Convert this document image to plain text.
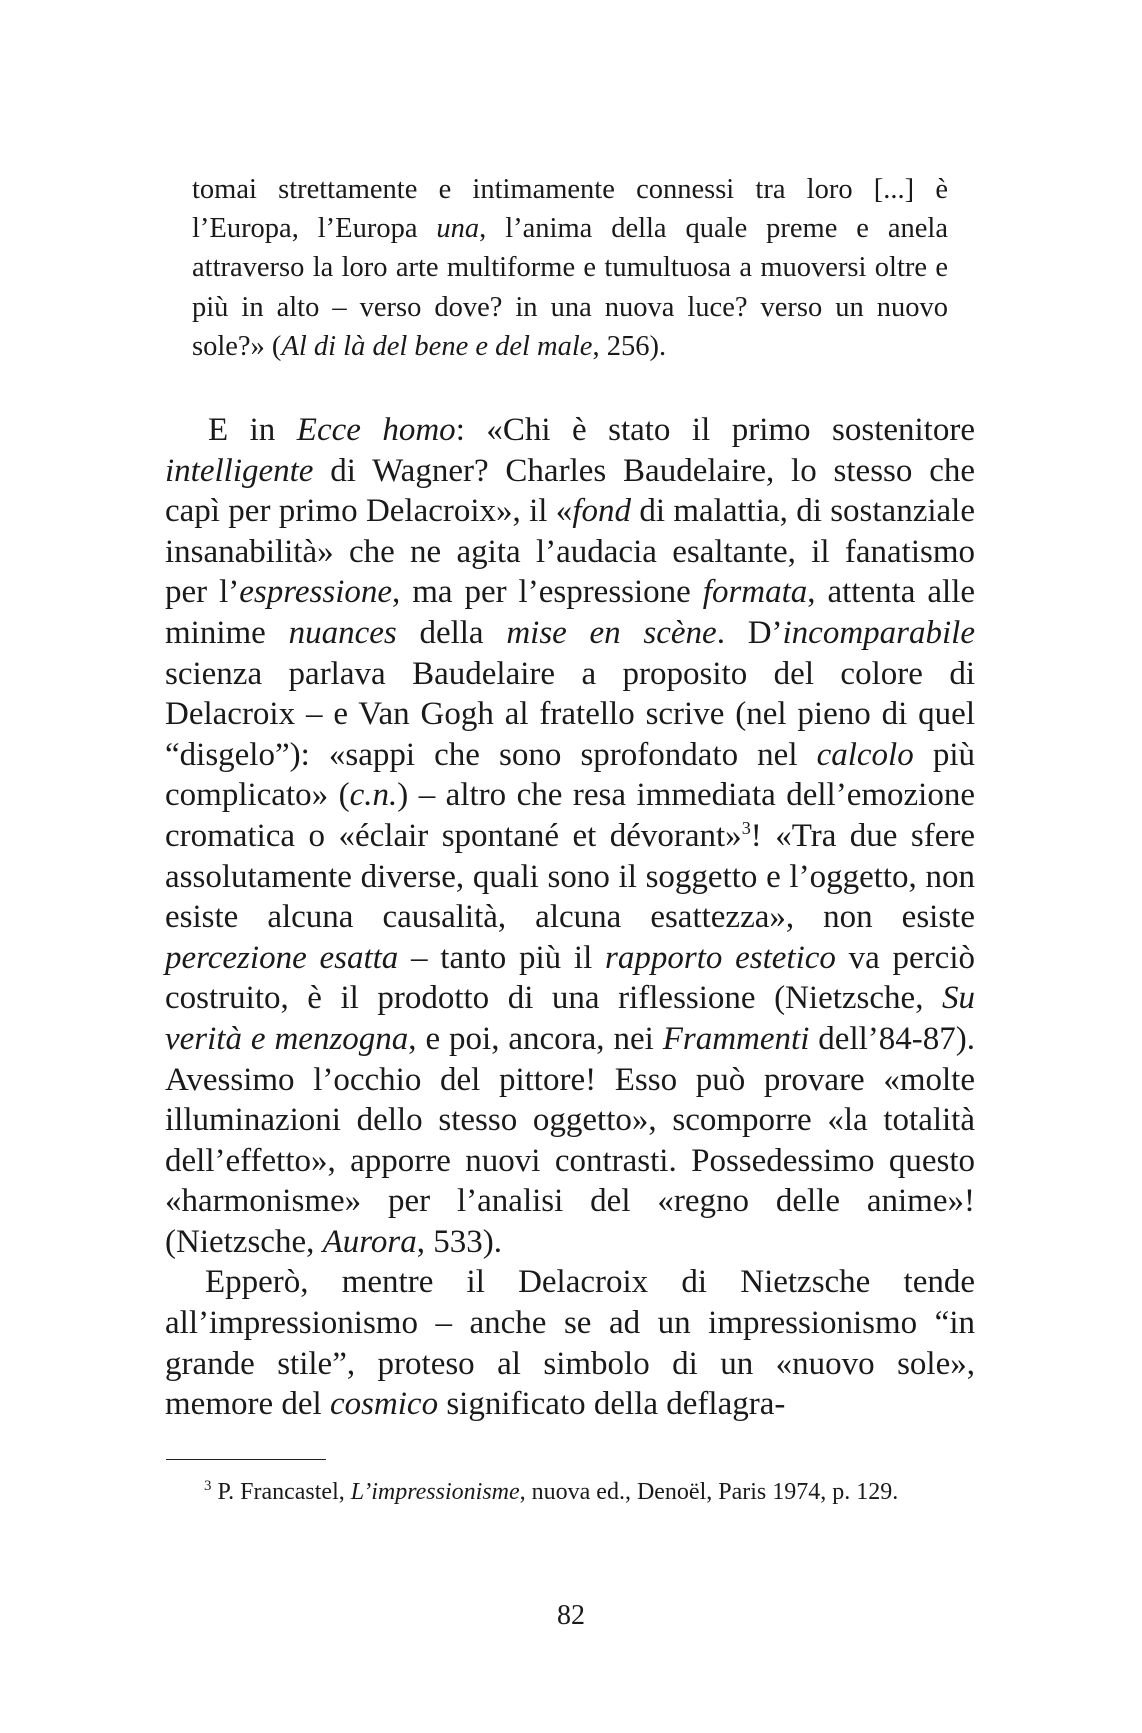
tomai strettamente e intimamente connessi tra loro [...] è l’Europa, l’Europa una, l’anima della quale preme e anela attraverso la loro arte multiforme e tumultuosa a muoversi oltre e più in alto – verso dove? in una nuova luce? verso un nuovo sole?» (Al di là del bene e del male, 256).

E in Ecce homo: «Chi è stato il primo sostenitore intelligente di Wagner? Charles Baudelaire, lo stesso che capì per primo Delacroix», il «fond di malattia, di sostanziale insanabilità» che ne agita l’audacia esaltante, il fanatismo per l’espressione, ma per l’espressione formata, attenta alle minime nuances della mise en scène. D’incomparabile scienza parlava Baudelaire a proposito del colore di Delacroix – e Van Gogh al fratello scrive (nel pieno di quel “disgelo”): «sappi che sono sprofondato nel calcolo più complicato» (c.n.) – altro che resa immediata dell’emozione cromatica o «éclair spontané et dévorant»$^3$! «Tra due sfere assolutamente diverse, quali sono il soggetto e l’oggetto, non esiste alcuna causalità, alcuna esattezza», non esiste percezione esatta – tanto più il rapporto estetico va perciò costruito, è il prodotto di una riflessione (Nietzsche, Su verità e menzogna, e poi, ancora, nei Frammenti dell’84-87). Avessimo l’occhio del pittore! Esso può provare «molte illuminazioni dello stesso oggetto», scomporre «la totalità dell’effetto», apporre nuovi contrasti. Possedessimo questo «harmonisme» per l’analisi del «regno delle anime»! (Nietzsche, Aurora, 533).

Epperò, mentre il Delacroix di Nietzsche tende all’impressionismo – anche se ad un impressionismo “in grande stile”, proteso al simbolo di un «nuovo sole», memore del cosmico significato della deflagra-

$^3$ P. Francastel, L’impressionisme, nuova ed., Denoël, Paris 1974, p. 129.
82
